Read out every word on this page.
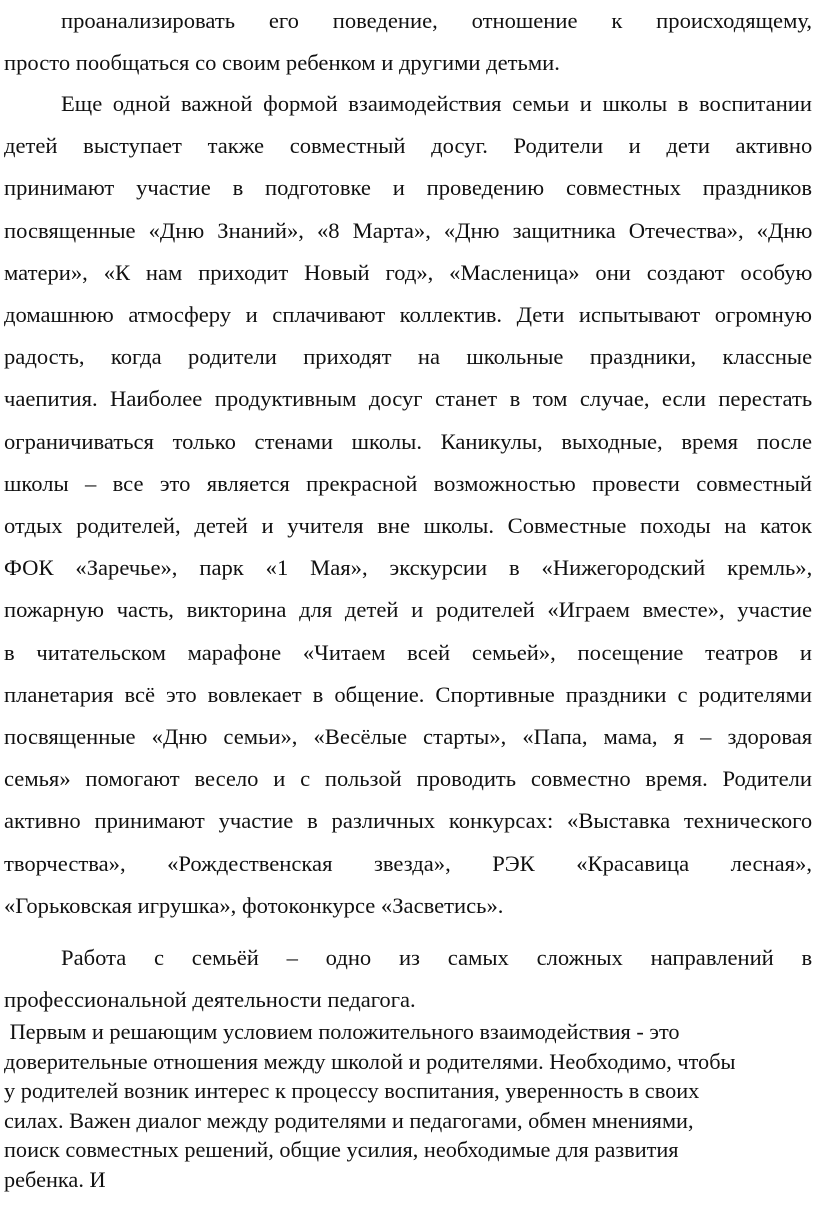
проанализировать его поведение, отношение к происходящему,
просто пообщаться со своим ребенком и другими детьми.
Еще одной важной формой взаимодействия семьи и школы в воспитании
детей выступает также совместный досуг. Родители и дети активно
принимают участие в подготовке и проведению совместных праздников
посвященные «Дню Знаний», «8 Марта», «Дню защитника Отечества», «Дню
матери», «К нам приходит Новый год», «Масленица» они создают особую
домашнюю атмосферу и сплачивают коллектив. Дети испытывают огромную
радость, когда родители приходят на школьные праздники, классные
чаепития. Наиболее продуктивным досуг станет в том случае, если перестать
ограничиваться только стенами школы. Каникулы, выходные, время после
школы – все это является прекрасной возможностью провести совместный
отдых родителей, детей и учителя вне школы. Совместные походы на каток
ФОК «Заречье», парк «1 Мая», экскурсии в «Нижегородский кремль»,
пожарную часть, викторина для детей и родителей «Играем вместе», участие
в читательском марафоне «Читаем всей семьей», посещение театров и
планетария всё это вовлекает в общение. Спортивные праздники с родителями
посвященные «Дню семьи», «Весёлые старты», «Папа, мама, я – здоровая
семья» помогают весело и с пользой проводить совместно время. Родители
активно принимают участие в различных конкурсах: «Выставка технического
творчества», «Рождественская звезда», РЭК «Красавица лесная»,
«Горьковская игрушка», фотоконкурсе «Засветись».
Работа с семьёй – одно из самых сложных направлений в
профессиональной деятельности педагога.
Первым и решающим условием положительного взаимодействия - это
доверительные отношения между школой и родителями. Необходимо, чтобы
у родителей возник интерес к процессу воспитания, уверенность в своих
силах. Важен диалог между родителями и педагогами, обмен мнениями,
поиск совместных решений, общие усилия, необходимые для развития
ребенка. И
